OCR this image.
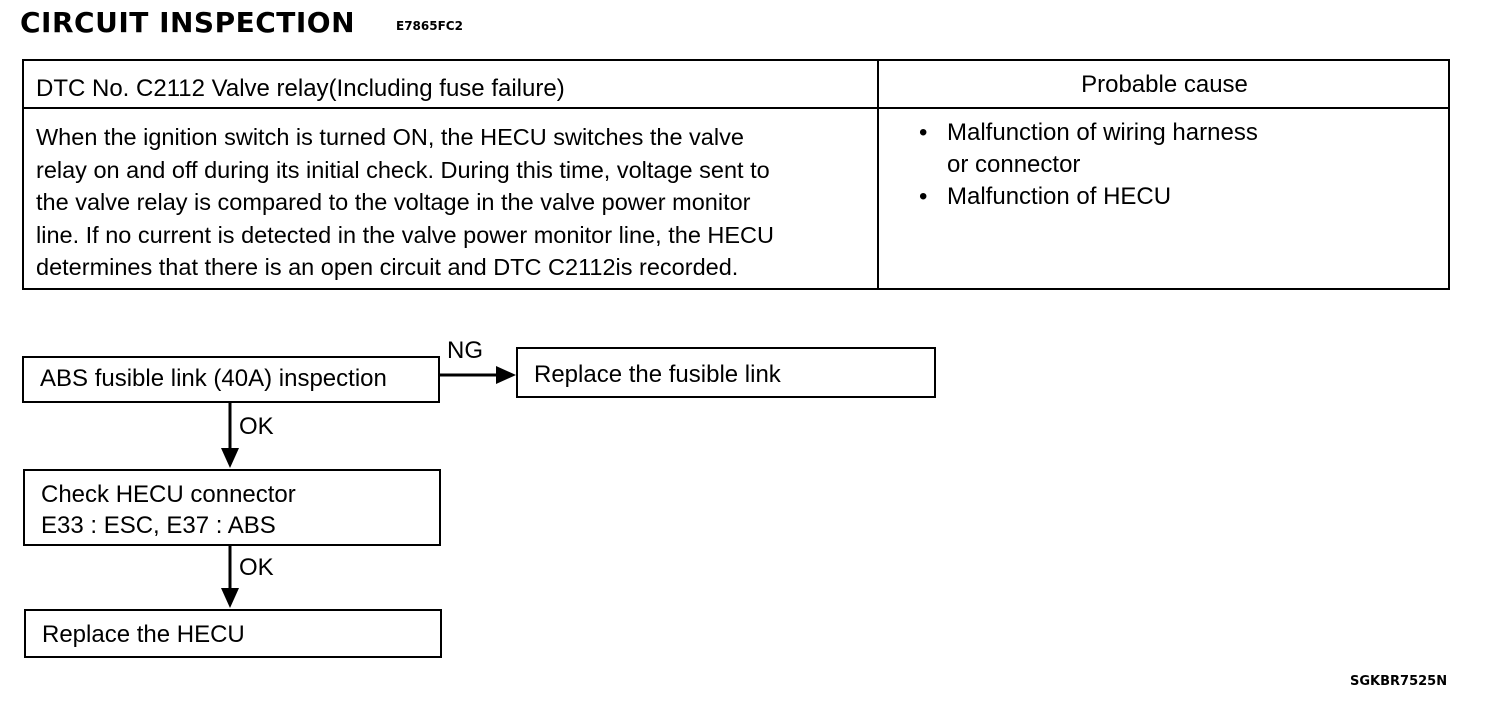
CIRCUIT INSPECTION	E7865FC2
DTC No. C2112 Valve relay(Including fuse failure)	Probable cause
When the ignition switch is turned ON, the HECU switches the valve
relay on and off during its initial check. During this time, voltage sent to
the valve relay is compared to the voltage in the valve power monitor
line. If no current is detected in the valve power monitor line, the HECU
determines that there is an open circuit and DTC C2112is recorded.
• Malfunction of wiring harness
or connector
• Malfunction of HECU
ABS fusible link (40A) inspection
NG
Replace the fusible link
OK
Check HECU connector
E33 : ESC, E37 : ABS
OK
Replace the HECU
SGKBR7525N
